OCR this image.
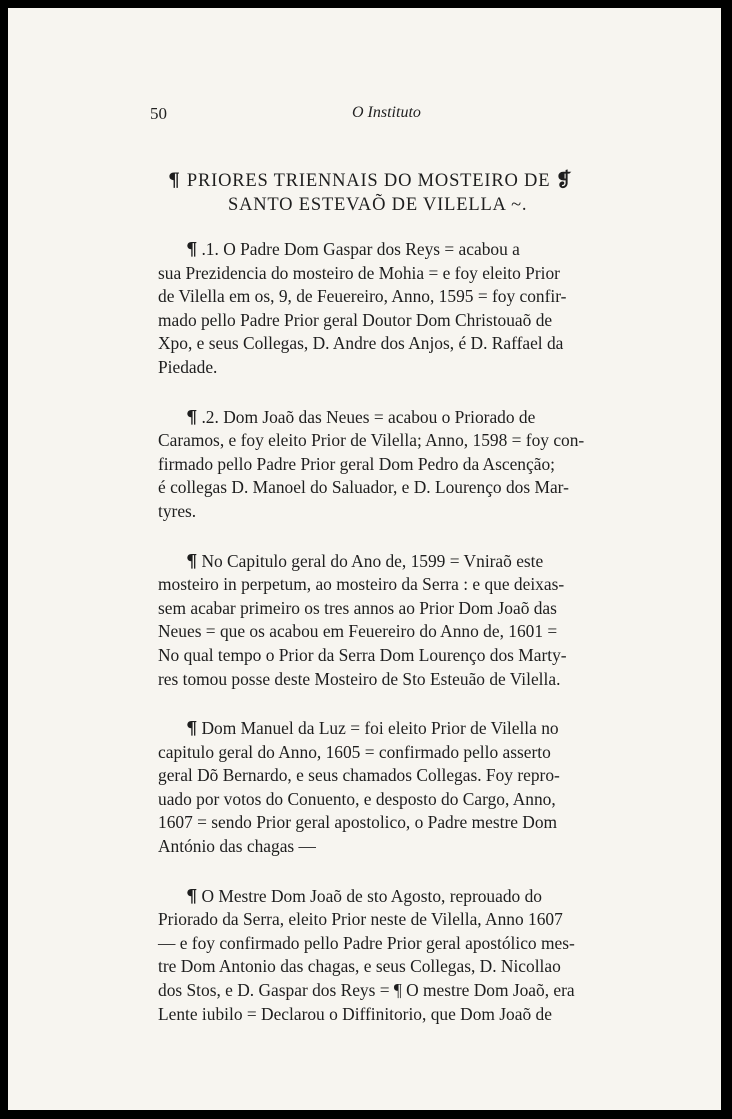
50	O Instituto
¶ PRIORES TRIENNAIS DO MOSTEIRO DE ❡
SANTO ESTEVAÕ DE VILELLA ~.

¶ .1. O Padre Dom Gaspar dos Reys = acabou a
sua Prezidencia do mosteiro de Mohia = e foy eleito Prior
de Vilella em os, 9, de Feuereiro, Anno, 1595 = foy confir-
mado pello Padre Prior geral Doutor Dom Christouaõ de
Xpo, e seus Collegas, D. Andre dos Anjos, é D. Raffael da
Piedade.

¶ .2. Dom Joaõ das Neues = acabou o Priorado de
Caramos, e foy eleito Prior de Vilella; Anno, 1598 = foy con-
firmado pello Padre Prior geral Dom Pedro da Ascenção;
é collegas D. Manoel do Saluador, e D. Lourenço dos Mar-
tyres.

¶ No Capitulo geral do Ano de, 1599 = Vniraõ este
mosteiro in perpetum, ao mosteiro da Serra : e que deixas-
sem acabar primeiro os tres annos ao Prior Dom Joaõ das
Neues = que os acabou em Feuereiro do Anno de, 1601 =
No qual tempo o Prior da Serra Dom Lourenço dos Marty-
res tomou posse deste Mosteiro de Sto Esteuão de Vilella.

¶ Dom Manuel da Luz = foi eleito Prior de Vilella no
capitulo geral do Anno, 1605 = confirmado pello asserto
geral Dõ Bernardo, e seus chamados Collegas. Foy repro-
uado por votos do Conuento, e desposto do Cargo, Anno,
1607 = sendo Prior geral apostolico, o Padre mestre Dom
António das chagas —

¶ O Mestre Dom Joaõ de sto Agosto, reprouado do
Priorado da Serra, eleito Prior neste de Vilella, Anno 1607
— e foy confirmado pello Padre Prior geral apostólico mes-
tre Dom Antonio das chagas, e seus Collegas, D. Nicollao
dos Stos, e D. Gaspar dos Reys = ¶ O mestre Dom Joaõ, era
Lente iubilo = Declarou o Diffinitorio, que Dom Joaõ de
